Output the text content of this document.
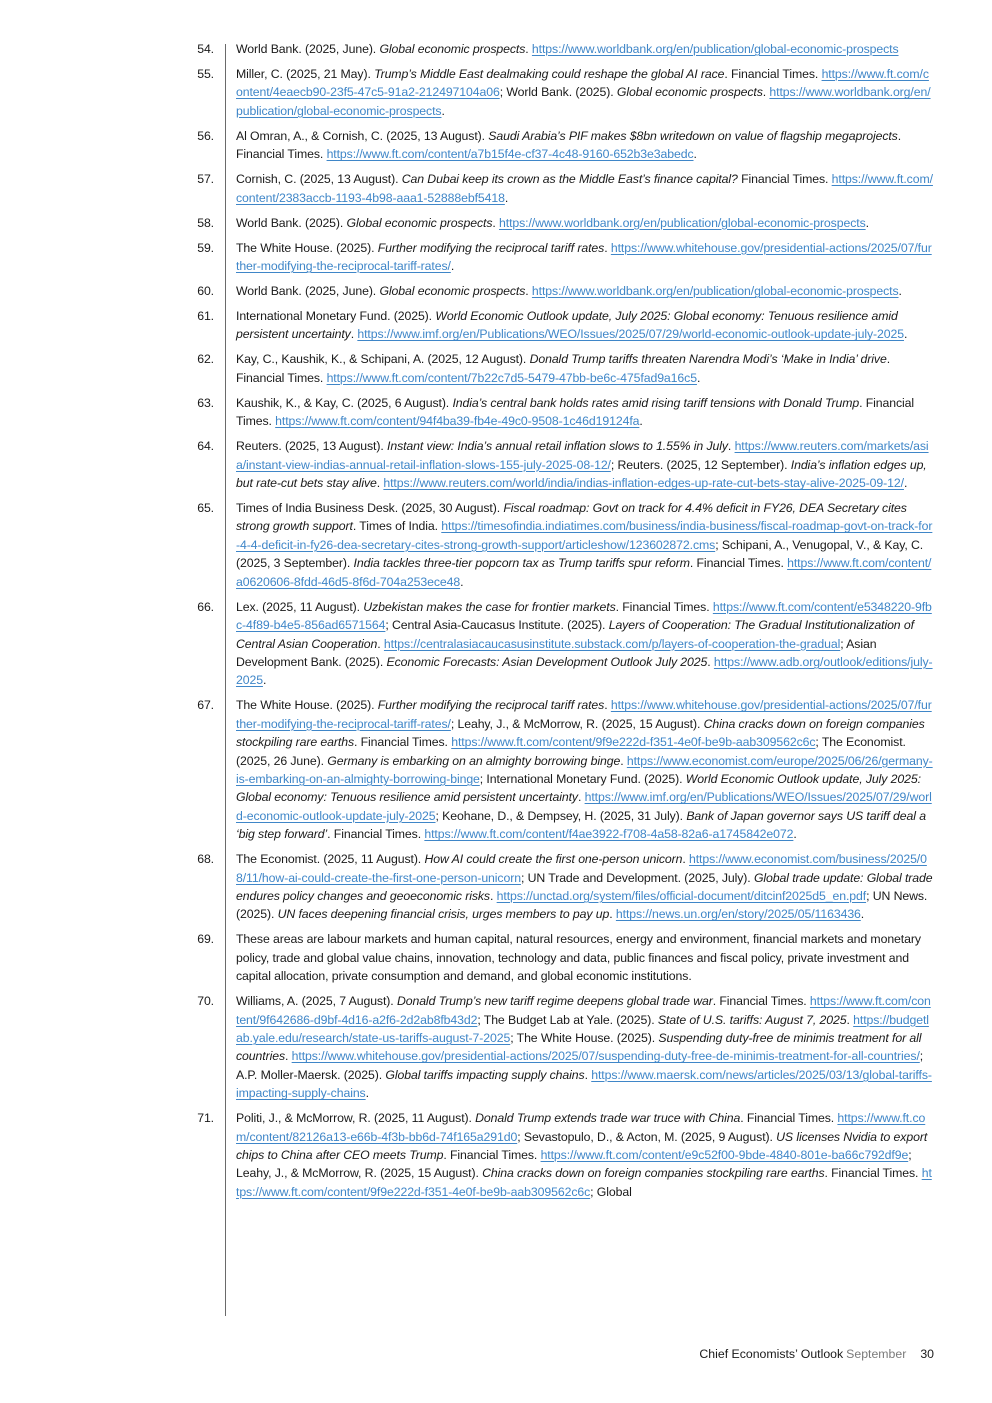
54. World Bank. (2025, June). Global economic prospects. https://www.worldbank.org/en/publication/global-economic-prospects
55. Miller, C. (2025, 21 May). Trump’s Middle East dealmaking could reshape the global AI race. Financial Times. https://www.ft.com/content/4eaecb90-23f5-47c5-91a2-212497104a06; World Bank. (2025). Global economic prospects. https://www.worldbank.org/en/publication/global-economic-prospects.
56. Al Omran, A., & Cornish, C. (2025, 13 August). Saudi Arabia’s PIF makes $8bn writedown on value of flagship megaprojects. Financial Times. https://www.ft.com/content/a7b15f4e-cf37-4c48-9160-652b3e3abedc.
57. Cornish, C. (2025, 13 August). Can Dubai keep its crown as the Middle East’s finance capital? Financial Times. https://www.ft.com/content/2383accb-1193-4b98-aaa1-52888ebf5418.
58. World Bank. (2025). Global economic prospects. https://www.worldbank.org/en/publication/global-economic-prospects.
59. The White House. (2025). Further modifying the reciprocal tariff rates. https://www.whitehouse.gov/presidential-actions/2025/07/further-modifying-the-reciprocal-tariff-rates/.
60. World Bank. (2025, June). Global economic prospects. https://www.worldbank.org/en/publication/global-economic-prospects.
61. International Monetary Fund. (2025). World Economic Outlook update, July 2025: Global economy: Tenuous resilience amid persistent uncertainty. https://www.imf.org/en/Publications/WEO/Issues/2025/07/29/world-economic-outlook-update-july-2025.
62. Kay, C., Kaushik, K., & Schipani, A. (2025, 12 August). Donald Trump tariffs threaten Narendra Modi’s ‘Make in India’ drive. Financial Times. https://www.ft.com/content/7b22c7d5-5479-47bb-be6c-475fad9a16c5.
63. Kaushik, K., & Kay, C. (2025, 6 August). India’s central bank holds rates amid rising tariff tensions with Donald Trump. Financial Times. https://www.ft.com/content/94f4ba39-fb4e-49c0-9508-1c46d19124fa.
64. Reuters. (2025, 13 August). Instant view: India’s annual retail inflation slows to 1.55% in July. https://www.reuters.com/markets/asia/instant-view-indias-annual-retail-inflation-slows-155-july-2025-08-12/; Reuters. (2025, 12 September). India’s inflation edges up, but rate-cut bets stay alive. https://www.reuters.com/world/india/indias-inflation-edges-up-rate-cut-bets-stay-alive-2025-09-12/.
65. Times of India Business Desk. (2025, 30 August). Fiscal roadmap: Govt on track for 4.4% deficit in FY26, DEA Secretary cites strong growth support. Times of India. https://timesofindia.indiatimes.com/business/india-business/fiscal-roadmap-govt-on-track-for-4-4-deficit-in-fy26-dea-secretary-cites-strong-growth-support/articleshow/123602872.cms; Schipani, A., Venugopal, V., & Kay, C. (2025, 3 September). India tackles three-tier popcorn tax as Trump tariffs spur reform. Financial Times. https://www.ft.com/content/a0620606-8fdd-46d5-8f6d-704a253ece48.
66. Lex. (2025, 11 August). Uzbekistan makes the case for frontier markets. Financial Times. https://www.ft.com/content/e5348220-9fbc-4f89-b4e5-856ad6571564; Central Asia-Caucasus Institute. (2025). Layers of Cooperation: The Gradual Institutionalization of Central Asian Cooperation. https://centralasiacaucasusinstitute.substack.com/p/layers-of-cooperation-the-gradual; Asian Development Bank. (2025). Economic Forecasts: Asian Development Outlook July 2025. https://www.adb.org/outlook/editions/july-2025.
67. The White House. (2025). Further modifying the reciprocal tariff rates. https://www.whitehouse.gov/presidential-actions/2025/07/further-modifying-the-reciprocal-tariff-rates/; Leahy, J., & McMorrow, R. (2025, 15 August). China cracks down on foreign companies stockpiling rare earths. Financial Times. https://www.ft.com/content/9f9e222d-f351-4e0f-be9b-aab309562c6c; The Economist. (2025, 26 June). Germany is embarking on an almighty borrowing binge. https://www.economist.com/europe/2025/06/26/germany-is-embarking-on-an-almighty-borrowing-binge; International Monetary Fund. (2025). World Economic Outlook update, July 2025: Global economy: Tenuous resilience amid persistent uncertainty. https://www.imf.org/en/Publications/WEO/Issues/2025/07/29/world-economic-outlook-update-july-2025; Keohane, D., & Dempsey, H. (2025, 31 July). Bank of Japan governor says US tariff deal a ‘big step forward’. Financial Times. https://www.ft.com/content/f4ae3922-f708-4a58-82a6-a1745842e072.
68. The Economist. (2025, 11 August). How AI could create the first one-person unicorn. https://www.economist.com/business/2025/08/11/how-ai-could-create-the-first-one-person-unicorn; UN Trade and Development. (2025, July). Global trade update: Global trade endures policy changes and geoeconomic risks. https://unctad.org/system/files/official-document/ditcinf2025d5_en.pdf; UN News. (2025). UN faces deepening financial crisis, urges members to pay up. https://news.un.org/en/story/2025/05/1163436.
69. These areas are labour markets and human capital, natural resources, energy and environment, financial markets and monetary policy, trade and global value chains, innovation, technology and data, public finances and fiscal policy, private investment and capital allocation, private consumption and demand, and global economic institutions.
70. Williams, A. (2025, 7 August). Donald Trump’s new tariff regime deepens global trade war. Financial Times. https://www.ft.com/content/9f642686-d9bf-4d16-a2f6-2d2ab8fb43d2; The Budget Lab at Yale. (2025). State of U.S. tariffs: August 7, 2025. https://budgetlab.yale.edu/research/state-us-tariffs-august-7-2025; The White House. (2025). Suspending duty-free de minimis treatment for all countries. https://www.whitehouse.gov/presidential-actions/2025/07/suspending-duty-free-de-minimis-treatment-for-all-countries/; A.P. Moller-Maersk. (2025). Global tariffs impacting supply chains. https://www.maersk.com/news/articles/2025/03/13/global-tariffs-impacting-supply-chains.
71. Politi, J., & McMorrow, R. (2025, 11 August). Donald Trump extends trade war truce with China. Financial Times. https://www.ft.com/content/82126a13-e66b-4f3b-bb6d-74f165a291d0; Sevastopulo, D., & Acton, M. (2025, 9 August). US licenses Nvidia to export chips to China after CEO meets Trump. Financial Times. https://www.ft.com/content/e9c52f00-9bde-4840-801e-ba66c792df9e; Leahy, J., & McMorrow, R. (2025, 15 August). China cracks down on foreign companies stockpiling rare earths. Financial Times. https://www.ft.com/content/9f9e222d-f351-4e0f-be9b-aab309562c6c; Global
Chief Economists’ Outlook September 30
